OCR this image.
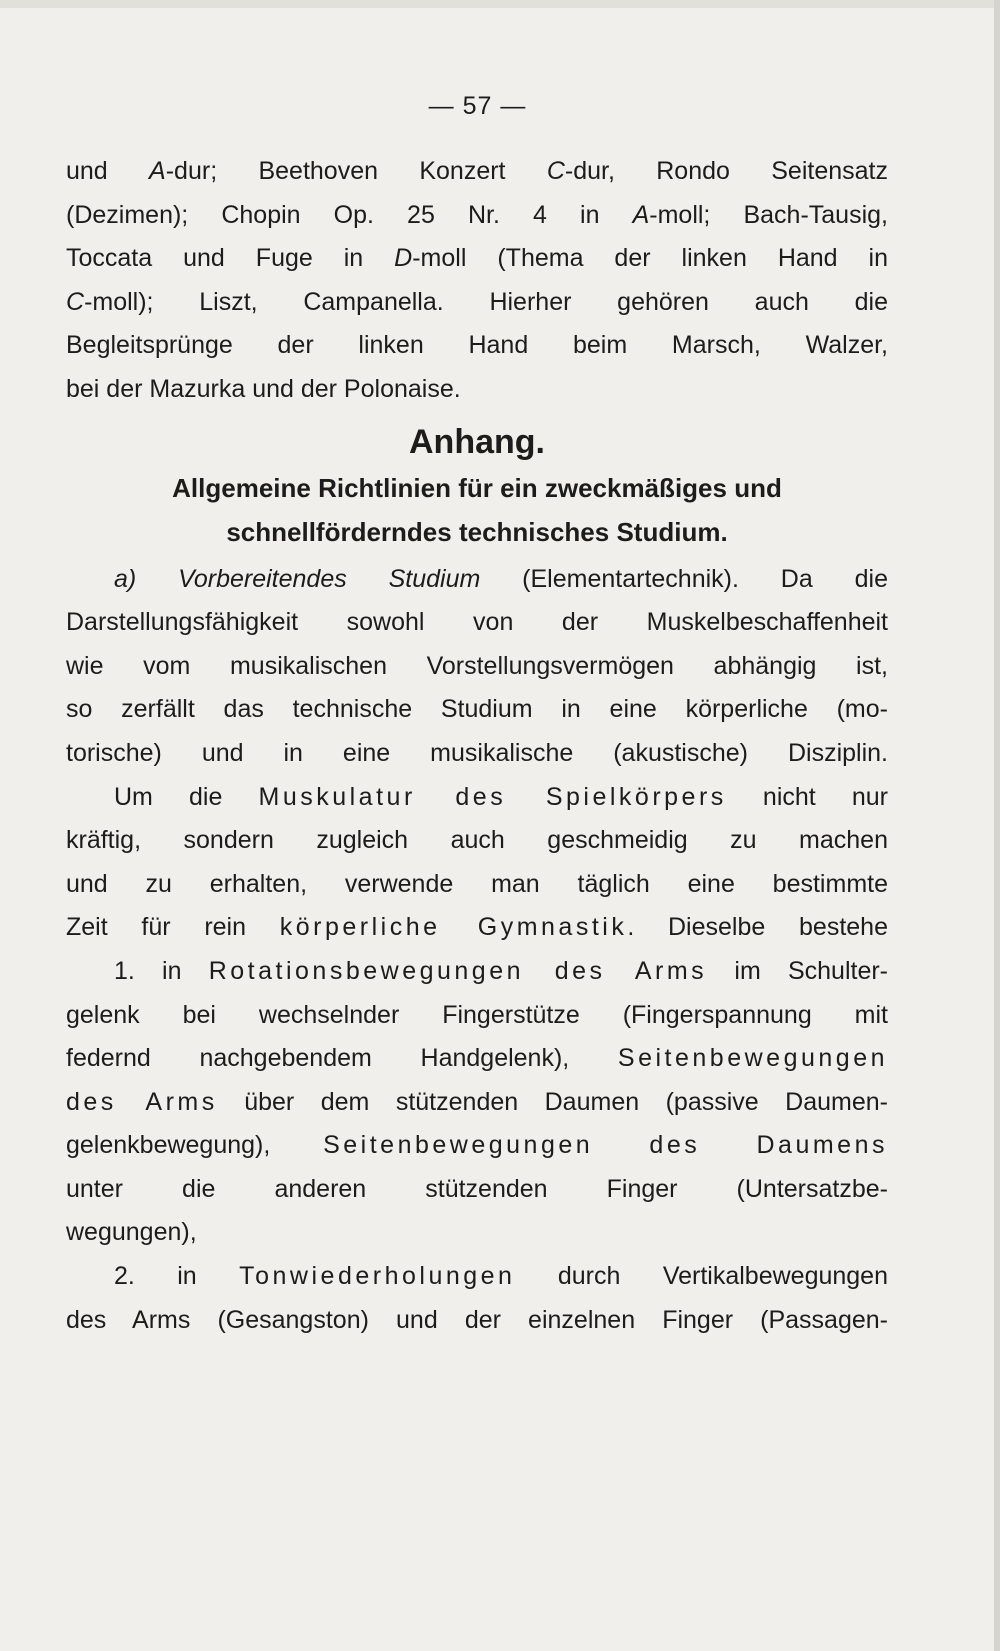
— 57 —
und A-dur; Beethoven Konzert C-dur, Rondo Seitensatz
(Dezimen); Chopin Op. 25 Nr. 4 in A-moll; Bach-Tausig,
Toccata und Fuge in D-moll (Thema der linken Hand in
C-moll); Liszt, Campanella. Hierher gehören auch die
Begleitsprünge der linken Hand beim Marsch, Walzer,
bei der Mazurka und der Polonaise.
Anhang.
Allgemeine Richtlinien für ein zweckmäßiges und
schnellförderndes technisches Studium.
a) Vorbereitendes Studium (Elementartechnik). Da die
Darstellungsfähigkeit sowohl von der Muskelbeschaffenheit
wie vom musikalischen Vorstellungsvermögen abhängig ist,
so zerfällt das technische Studium in eine körperliche (mo-
torische) und in eine musikalische (akustische) Disziplin.
Um die Muskulatur des Spielkörpers nicht nur
kräftig, sondern zugleich auch geschmeidig zu machen
und zu erhalten, verwende man täglich eine bestimmte
Zeit für rein körperliche Gymnastik. Dieselbe bestehe
1. in Rotationsbewegungen des Arms im Schulter-
gelenk bei wechselnder Fingerstütze (Fingerspannung mit
federnd nachgebendem Handgelenk), Seitenbewegungen
des Arms über dem stützenden Daumen (passive Daumen-
gelenkbewegung), Seitenbewegungen des Daumens
unter die anderen stützenden Finger (Untersatzbe-
wegungen),
2. in Tonwiederholungen durch Vertikalbewegungen
des Arms (Gesangston) und der einzelnen Finger (Passagen-
